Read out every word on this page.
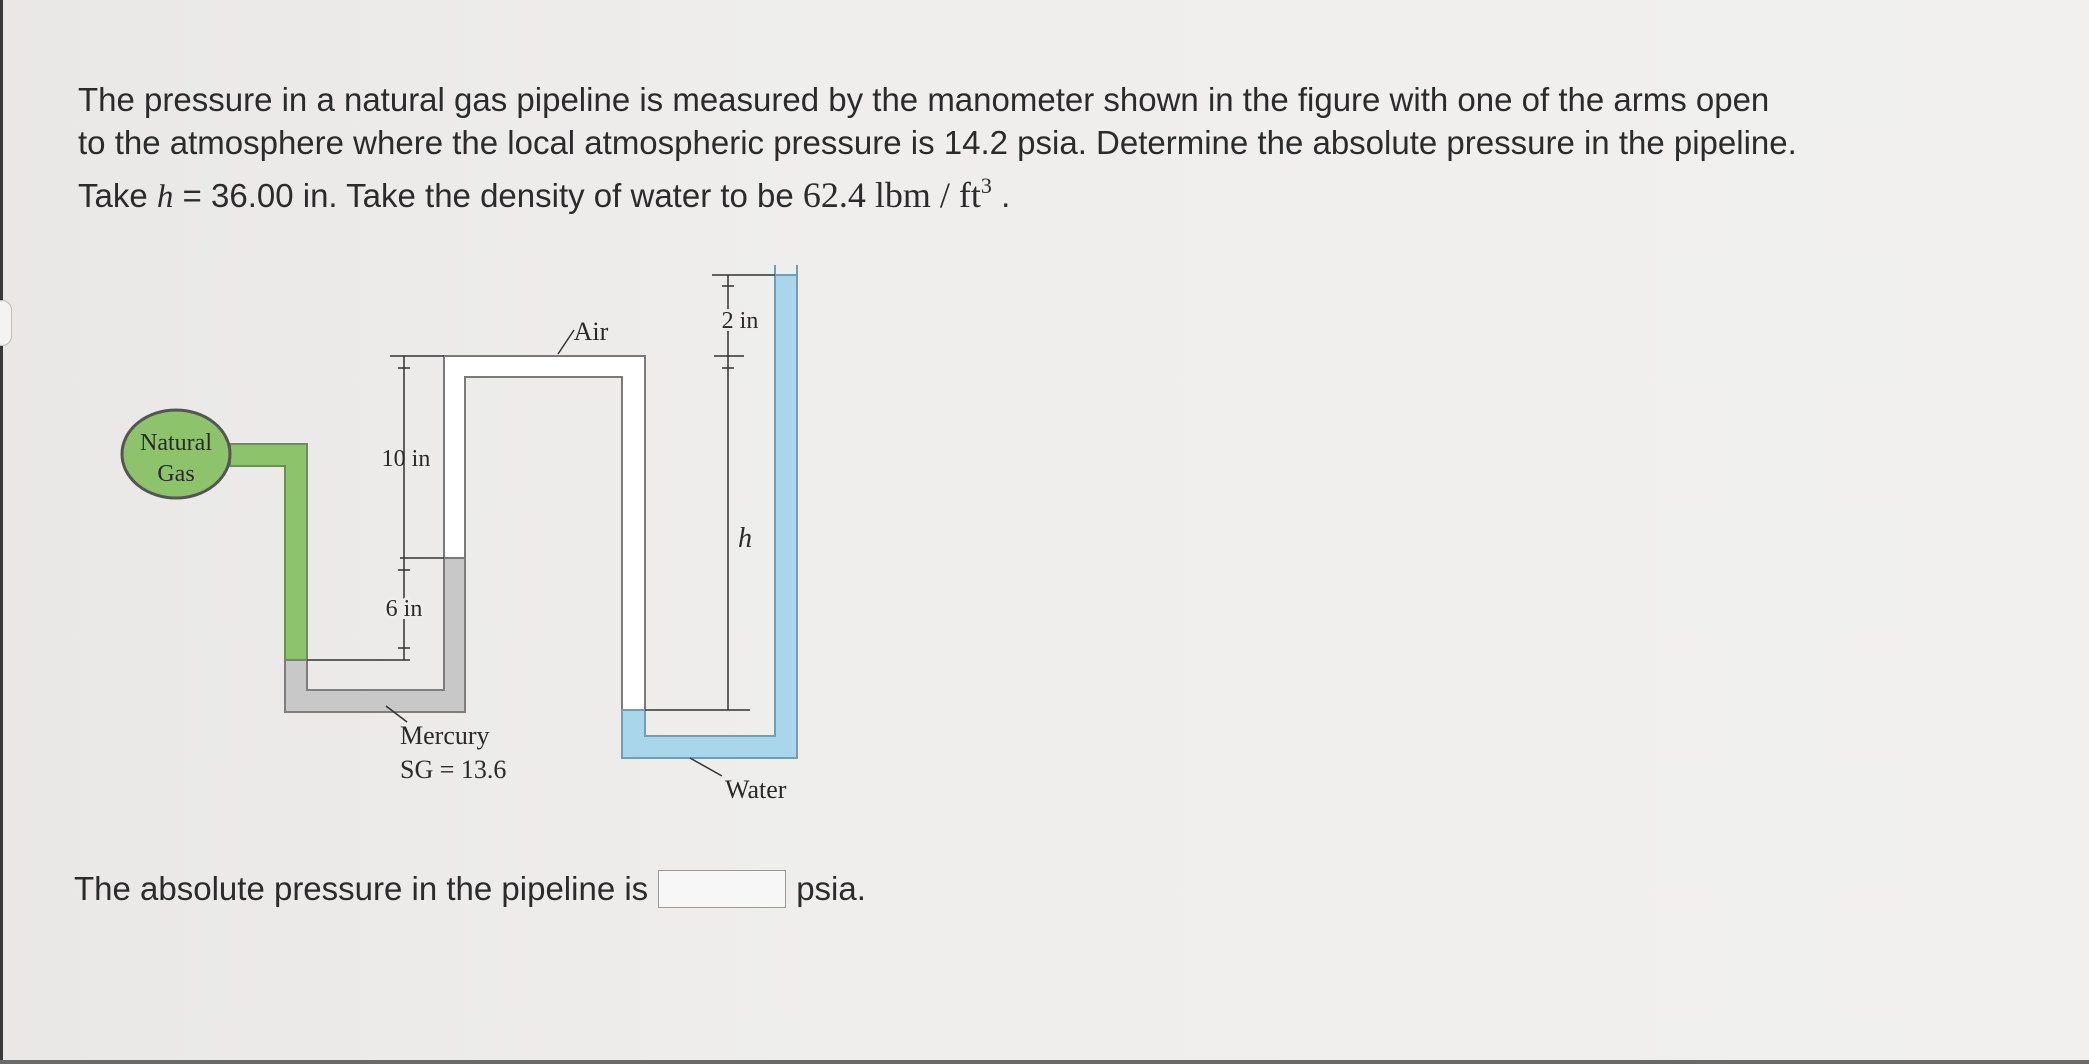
The pressure in a natural gas pipeline is measured by the manometer shown in the figure with one of the arms open
to the atmosphere where the local atmospheric pressure is 14.2 psia. Determine the absolute pressure in the pipeline.
Take h = 36.00 in. Take the density of water to be 62.4 lbm / $ft^3$ .

Natural
Gas
10 in
6 in
2 in
h
Air
Mercury
SG = 13.6
Water
The absolute pressure in the pipeline is	psia.
